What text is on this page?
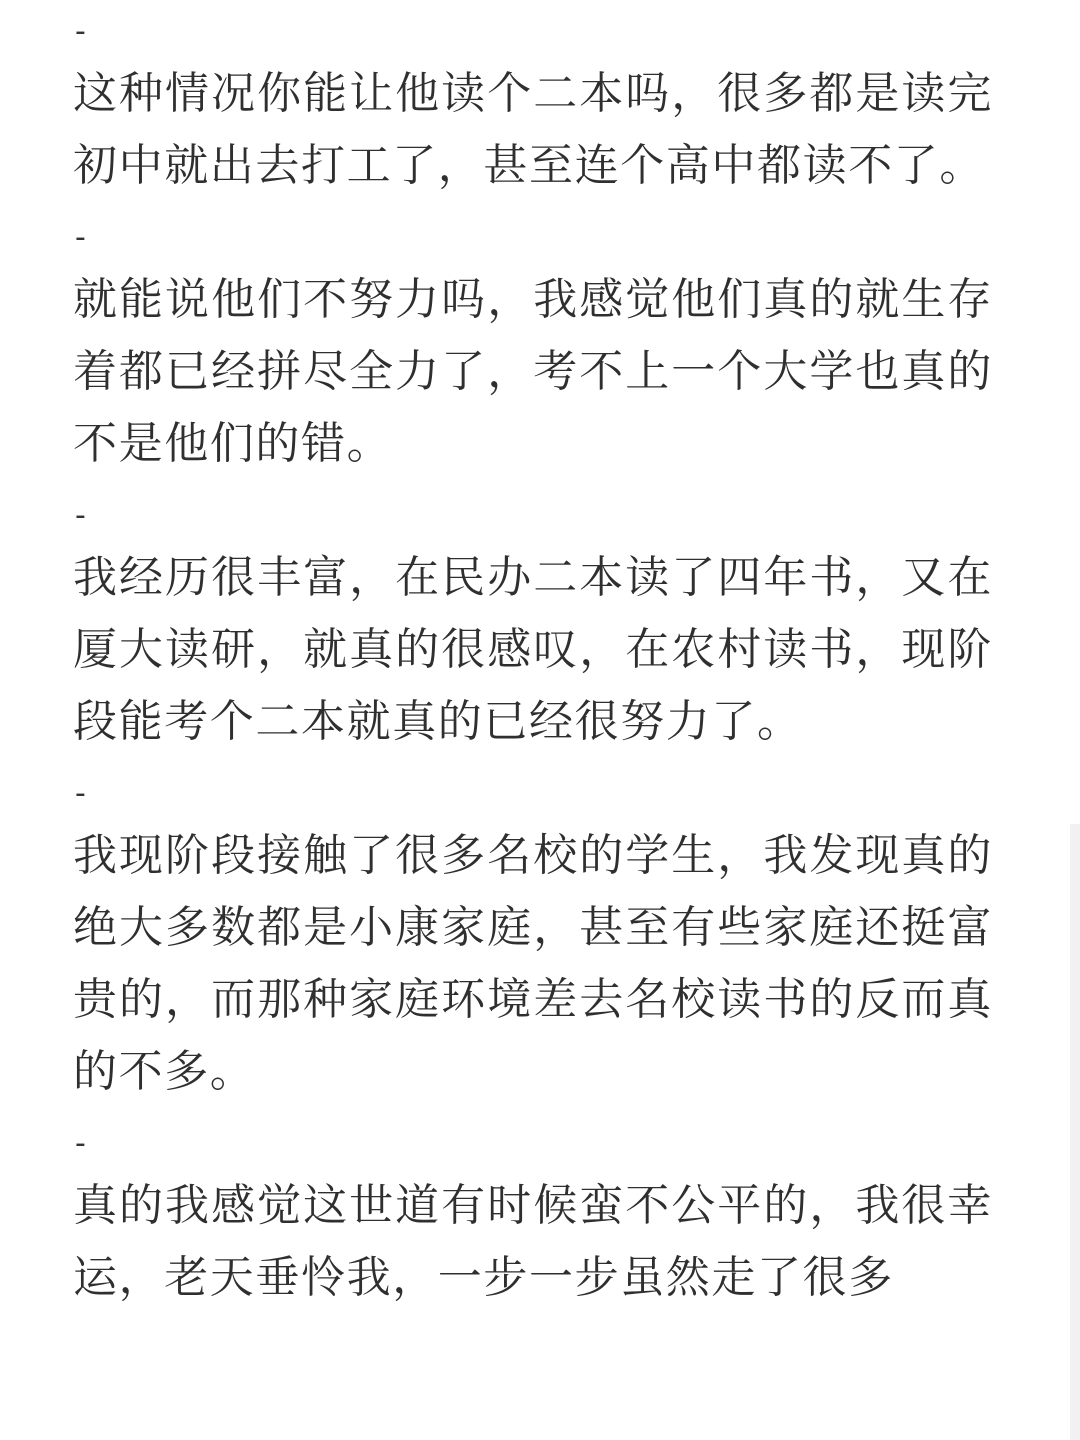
-

这种情况你能让他读个二本吗，很多都是读完初中就出去打工了，甚至连个高中都读不了。

-

就能说他们不努力吗，我感觉他们真的就生存着都已经拼尽全力了，考不上一个大学也真的不是他们的错。

-

我经历很丰富，在民办二本读了四年书，又在厦大读研，就真的很感叹，在农村读书，现阶段能考个二本就真的已经很努力了。

-

我现阶段接触了很多名校的学生，我发现真的绝大多数都是小康家庭，甚至有些家庭还挺富贵的，而那种家庭环境差去名校读书的反而真的不多。

-

真的我感觉这世道有时候蛮不公平的，我很幸运，老天垂怜我，一步一步虽然走了很多
